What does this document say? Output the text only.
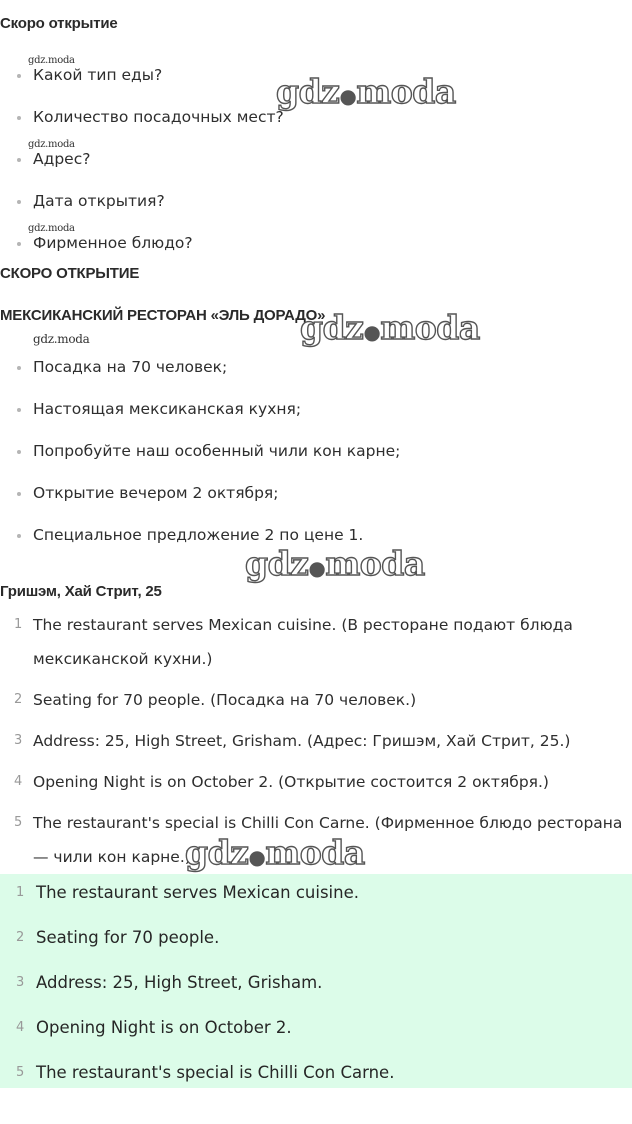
Скоро открытие
Какой тип еды?
Количество посадочных мест?
Адрес?
Дата открытия?
Фирменное блюдо?
СКОРО ОТКРЫТИЕ
МЕКСИКАНСКИЙ РЕСТОРАН «ЭЛЬ ДОРАДО»
Посадка на 70 человек;
Настоящая мексиканская кухня;
Попробуйте наш особенный чили кон карне;
Открытие вечером 2 октября;
Специальное предложение 2 по цене 1.
Гришэм, Хай Стрит, 25
1 The restaurant serves Mexican cuisine. (В ресторане подают блюда мексиканской кухни.)
2 Seating for 70 people. (Посадка на 70 человек.)
3 Address: 25, High Street, Grisham. (Адрес: Гришэм, Хай Стрит, 25.)
4 Opening Night is on October 2. (Открытие состоится 2 октября.)
5 The restaurant's special is Chilli Con Carne. (Фирменное блюдо ресторана — чили кон карне.)
1 The restaurant serves Mexican cuisine.
2 Seating for 70 people.
3 Address: 25, High Street, Grisham.
4 Opening Night is on October 2.
5 The restaurant's special is Chilli Con Carne.
gdz.moda
gdz.moda
gdz.moda
gdz.moda
gdz●moda
gdz●moda
gdz●moda
gdz●moda
